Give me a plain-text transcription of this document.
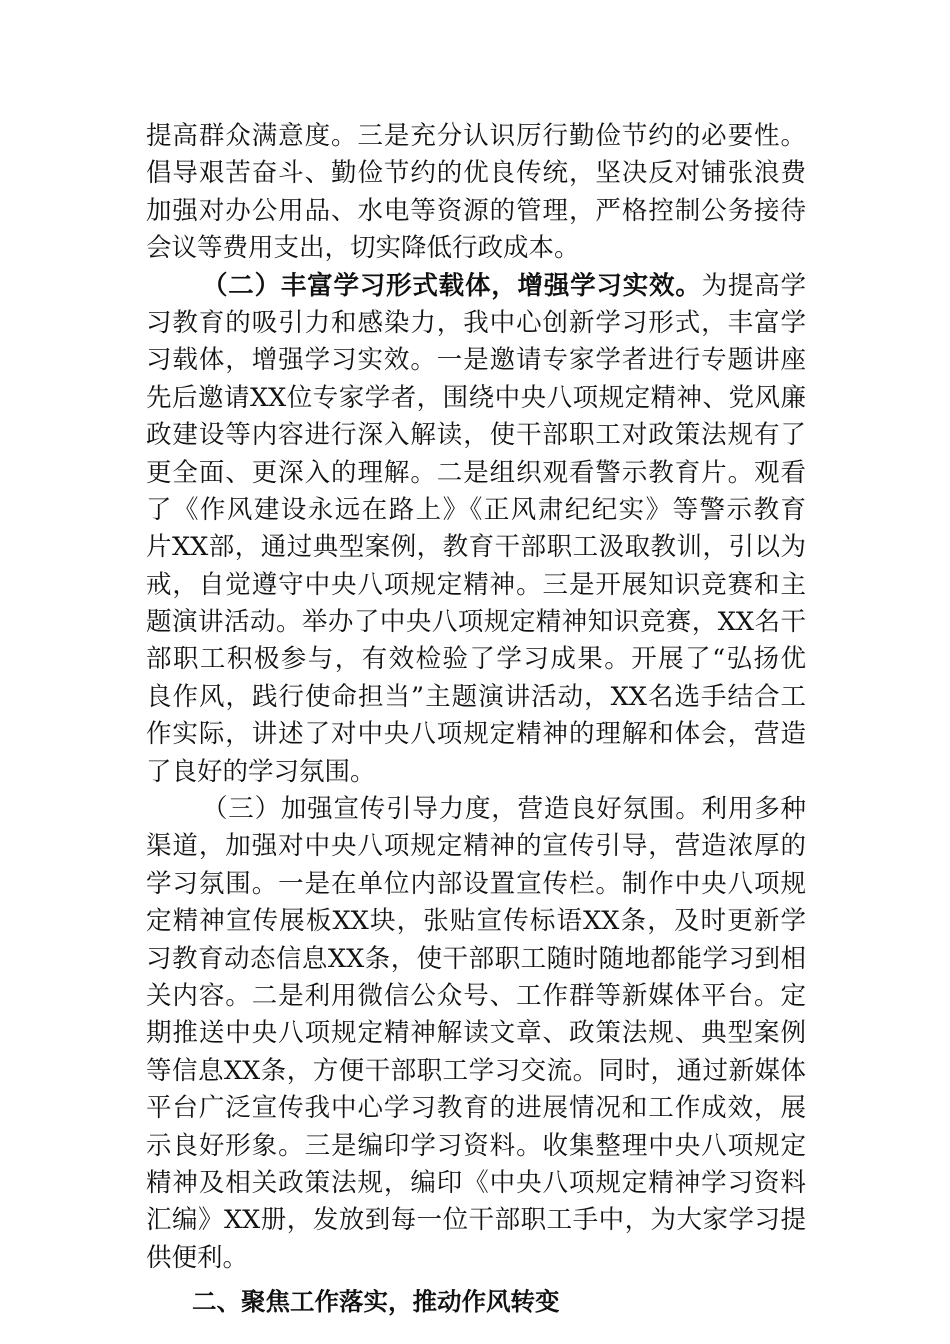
提高群众满意度。三是充分认识厉行勤俭节约的必要性。
倡导艰苦奋斗、勤俭节约的优良传统，坚决反对铺张浪费
加强对办公用品、水电等资源的管理，严格控制公务接待
会议等费用支出，切实降低行政成本。
（二）丰富学习形式载体，增强学习实效。为提高学
习教育的吸引力和感染力，我中心创新学习形式，丰富学
习载体，增强学习实效。一是邀请专家学者进行专题讲座
先后邀请XX位专家学者，围绕中央八项规定精神、党风廉
政建设等内容进行深入解读，使干部职工对政策法规有了
更全面、更深入的理解。二是组织观看警示教育片。观看
了《作风建设永远在路上》《正风肃纪纪实》等警示教育
片XX部，通过典型案例，教育干部职工汲取教训，引以为
戒，自觉遵守中央八项规定精神。三是开展知识竞赛和主
题演讲活动。举办了中央八项规定精神知识竞赛，XX名干
部职工积极参与，有效检验了学习成果。开展了“弘扬优
良作风，践行使命担当”主题演讲活动，XX名选手结合工
作实际，讲述了对中央八项规定精神的理解和体会，营造
了良好的学习氛围。
（三）加强宣传引导力度，营造良好氛围。利用多种
渠道，加强对中央八项规定精神的宣传引导，营造浓厚的
学习氛围。一是在单位内部设置宣传栏。制作中央八项规
定精神宣传展板XX块，张贴宣传标语XX条，及时更新学
习教育动态信息XX条，使干部职工随时随地都能学习到相
关内容。二是利用微信公众号、工作群等新媒体平台。定
期推送中央八项规定精神解读文章、政策法规、典型案例
等信息XX条，方便干部职工学习交流。同时，通过新媒体
平台广泛宣传我中心学习教育的进展情况和工作成效，展
示良好形象。三是编印学习资料。收集整理中央八项规定
精神及相关政策法规，编印《中央八项规定精神学习资料
汇编》XX册，发放到每一位干部职工手中，为大家学习提
供便利。
二、聚焦工作落实，推动作风转变
